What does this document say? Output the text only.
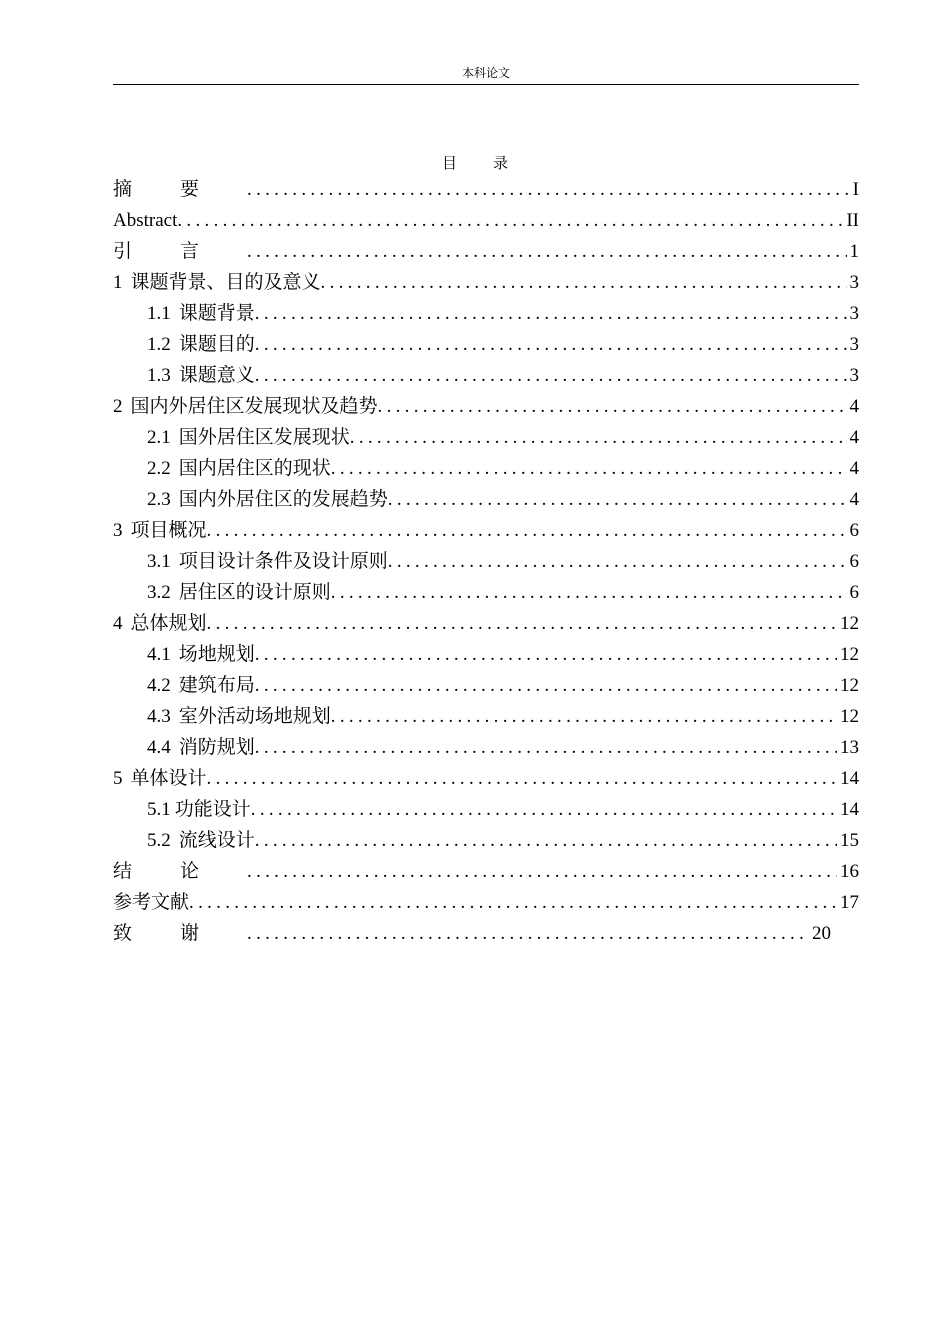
本科论文
目 录
摘要 .....	I
Abstract .....	II
引言 .....	1
1 课题背景、目的及意义 .....	3
1.1 课题背景 .....	3
1.2 课题目的 .....	3
1.3 课题意义 .....	3
2 国内外居住区发展现状及趋势 .....	4
2.1 国外居住区发展现状 .....	4
2.2 国内居住区的现状 .....	4
2.3 国内外居住区的发展趋势 .....	4
3 项目概况 .....	6
3.1 项目设计条件及设计原则 .....	6
3.2 居住区的设计原则 .....	6
4 总体规划 .....	12
4.1 场地规划 .....	12
4.2 建筑布局 .....	12
4.3 室外活动场地规划 .....	12
4.4 消防规划 .....	13
5 单体设计 .....	14
5.1 功能设计 .....	14
5.2 流线设计 .....	15
结论 .....	16
参考文献 .....	17
致谢 .....	20
